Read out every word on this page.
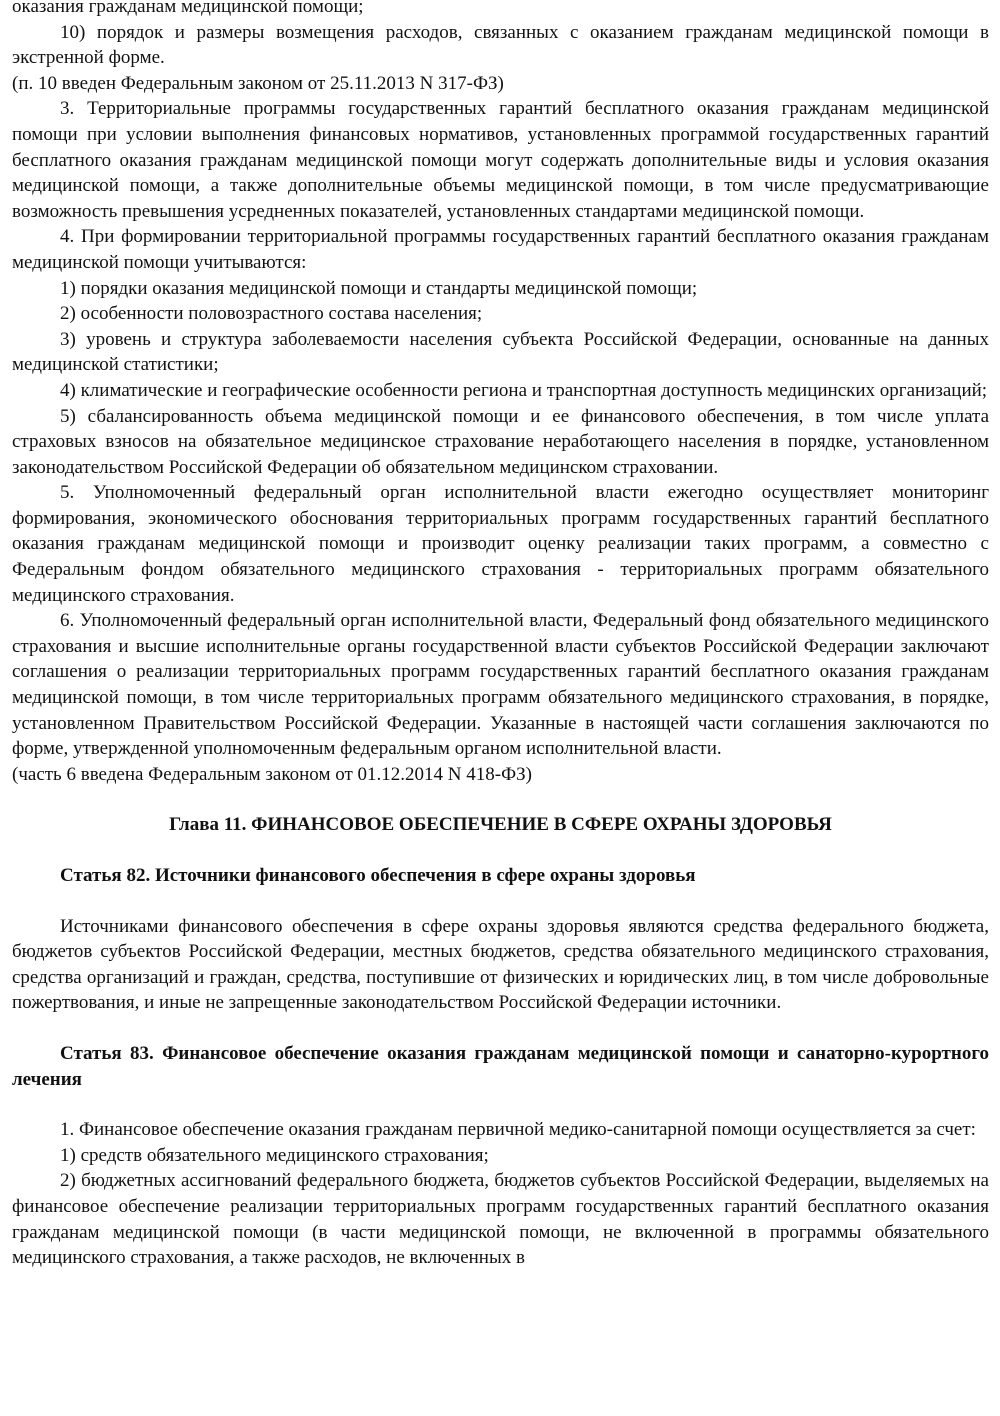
оказания гражданам медицинской помощи;

10) порядок и размеры возмещения расходов, связанных с оказанием гражданам медицинской помощи в экстренной форме.

(п. 10 введен Федеральным законом от 25.11.2013 N 317-ФЗ)

3. Территориальные программы государственных гарантий бесплатного оказания гражданам медицинской помощи при условии выполнения финансовых нормативов, установленных программой государственных гарантий бесплатного оказания гражданам медицинской помощи могут содержать дополнительные виды и условия оказания медицинской помощи, а также дополнительные объемы медицинской помощи, в том числе предусматривающие возможность превышения усредненных показателей, установленных стандартами медицинской помощи.

4. При формировании территориальной программы государственных гарантий бесплатного оказания гражданам медицинской помощи учитываются:

1) порядки оказания медицинской помощи и стандарты медицинской помощи;

2) особенности половозрастного состава населения;

3) уровень и структура заболеваемости населения субъекта Российской Федерации, основанные на данных медицинской статистики;

4) климатические и географические особенности региона и транспортная доступность медицинских организаций;

5) сбалансированность объема медицинской помощи и ее финансового обеспечения, в том числе уплата страховых взносов на обязательное медицинское страхование неработающего населения в порядке, установленном законодательством Российской Федерации об обязательном медицинском страховании.

5. Уполномоченный федеральный орган исполнительной власти ежегодно осуществляет мониторинг формирования, экономического обоснования территориальных программ государственных гарантий бесплатного оказания гражданам медицинской помощи и производит оценку реализации таких программ, а совместно с Федеральным фондом обязательного медицинского страхования - территориальных программ обязательного медицинского страхования.

6. Уполномоченный федеральный орган исполнительной власти, Федеральный фонд обязательного медицинского страхования и высшие исполнительные органы государственной власти субъектов Российской Федерации заключают соглашения о реализации территориальных программ государственных гарантий бесплатного оказания гражданам медицинской помощи, в том числе территориальных программ обязательного медицинского страхования, в порядке, установленном Правительством Российской Федерации. Указанные в настоящей части соглашения заключаются по форме, утвержденной уполномоченным федеральным органом исполнительной власти.

(часть 6 введена Федеральным законом от 01.12.2014 N 418-ФЗ)

Глава 11. ФИНАНСОВОЕ ОБЕСПЕЧЕНИЕ В СФЕРЕ ОХРАНЫ ЗДОРОВЬЯ
Статья 82. Источники финансового обеспечения в сфере охраны здоровья

Источниками финансового обеспечения в сфере охраны здоровья являются средства федерального бюджета, бюджетов субъектов Российской Федерации, местных бюджетов, средства обязательного медицинского страхования, средства организаций и граждан, средства, поступившие от физических и юридических лиц, в том числе добровольные пожертвования, и иные не запрещенные законодательством Российской Федерации источники.

Статья 83. Финансовое обеспечение оказания гражданам медицинской помощи и санаторно-курортного лечения

1. Финансовое обеспечение оказания гражданам первичной медико-санитарной помощи осуществляется за счет:

1) средств обязательного медицинского страхования;

2) бюджетных ассигнований федерального бюджета, бюджетов субъектов Российской Федерации, выделяемых на финансовое обеспечение реализации территориальных программ государственных гарантий бесплатного оказания гражданам медицинской помощи (в части медицинской помощи, не включенной в программы обязательного медицинского страхования, а также расходов, не включенных в
